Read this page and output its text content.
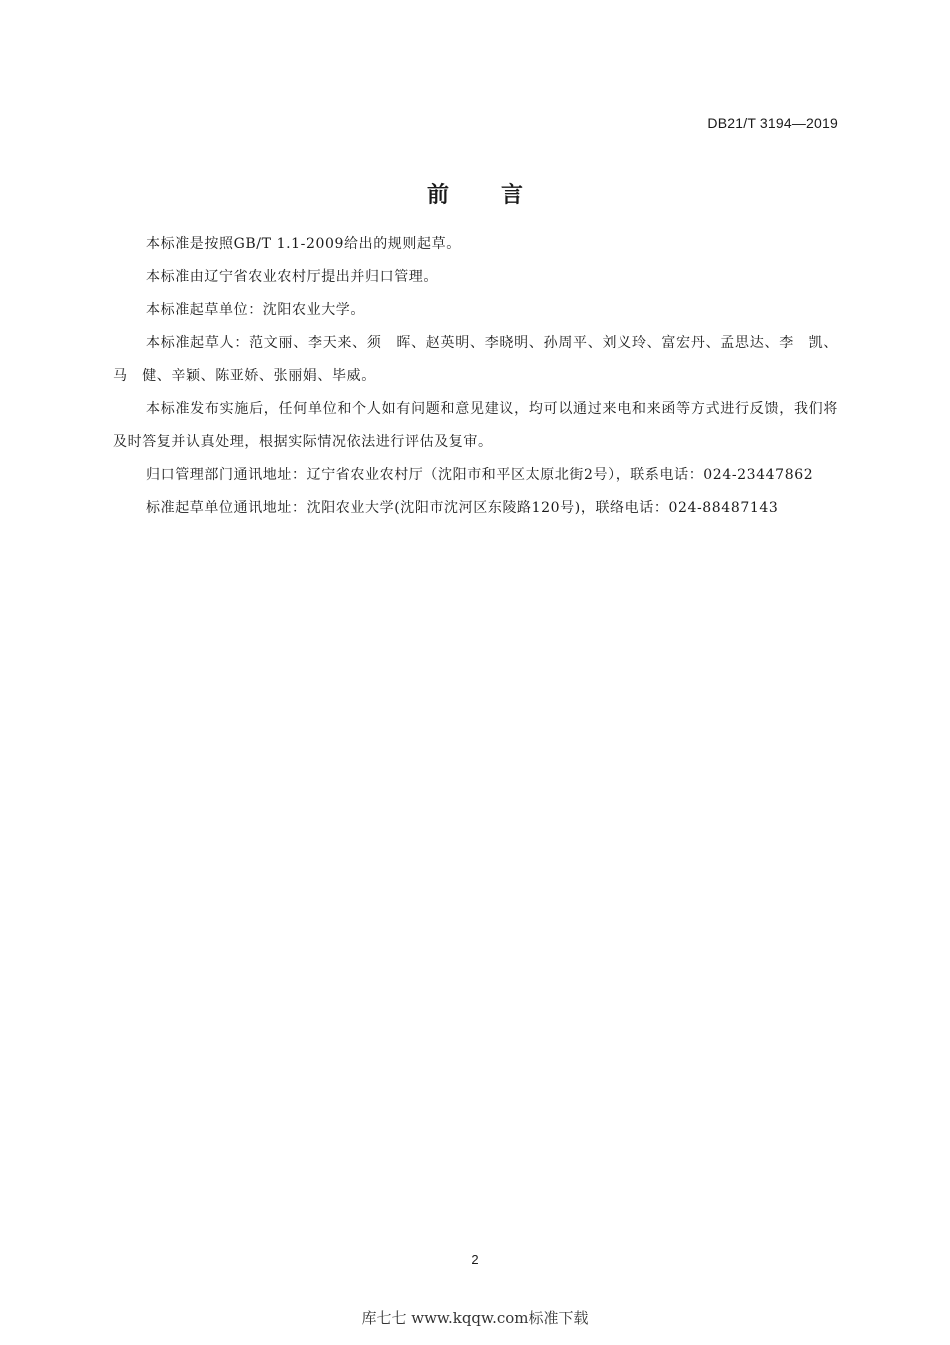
DB21/T 3194—2019
前言

本标准是按照GB/T 1.1-2009给出的规则起草。

本标准由辽宁省农业农村厅提出并归口管理。

本标准起草单位：沈阳农业大学。

本标准起草人：范文丽、李天来、须　晖、赵英明、李晓明、孙周平、刘义玲、富宏丹、孟思达、李　凯、马　健、辛颖、陈亚娇、张丽娟、毕威。

本标准发布实施后，任何单位和个人如有问题和意见建议，均可以通过来电和来函等方式进行反馈，我们将及时答复并认真处理，根据实际情况依法进行评估及复审。

归口管理部门通讯地址：辽宁省农业农村厅（沈阳市和平区太原北街2号），联系电话：024-23447862

标准起草单位通讯地址：沈阳农业大学(沈阳市沈河区东陵路120号)，联络电话：024-88487143

2
库七七 www.kqqw.com标准下载
